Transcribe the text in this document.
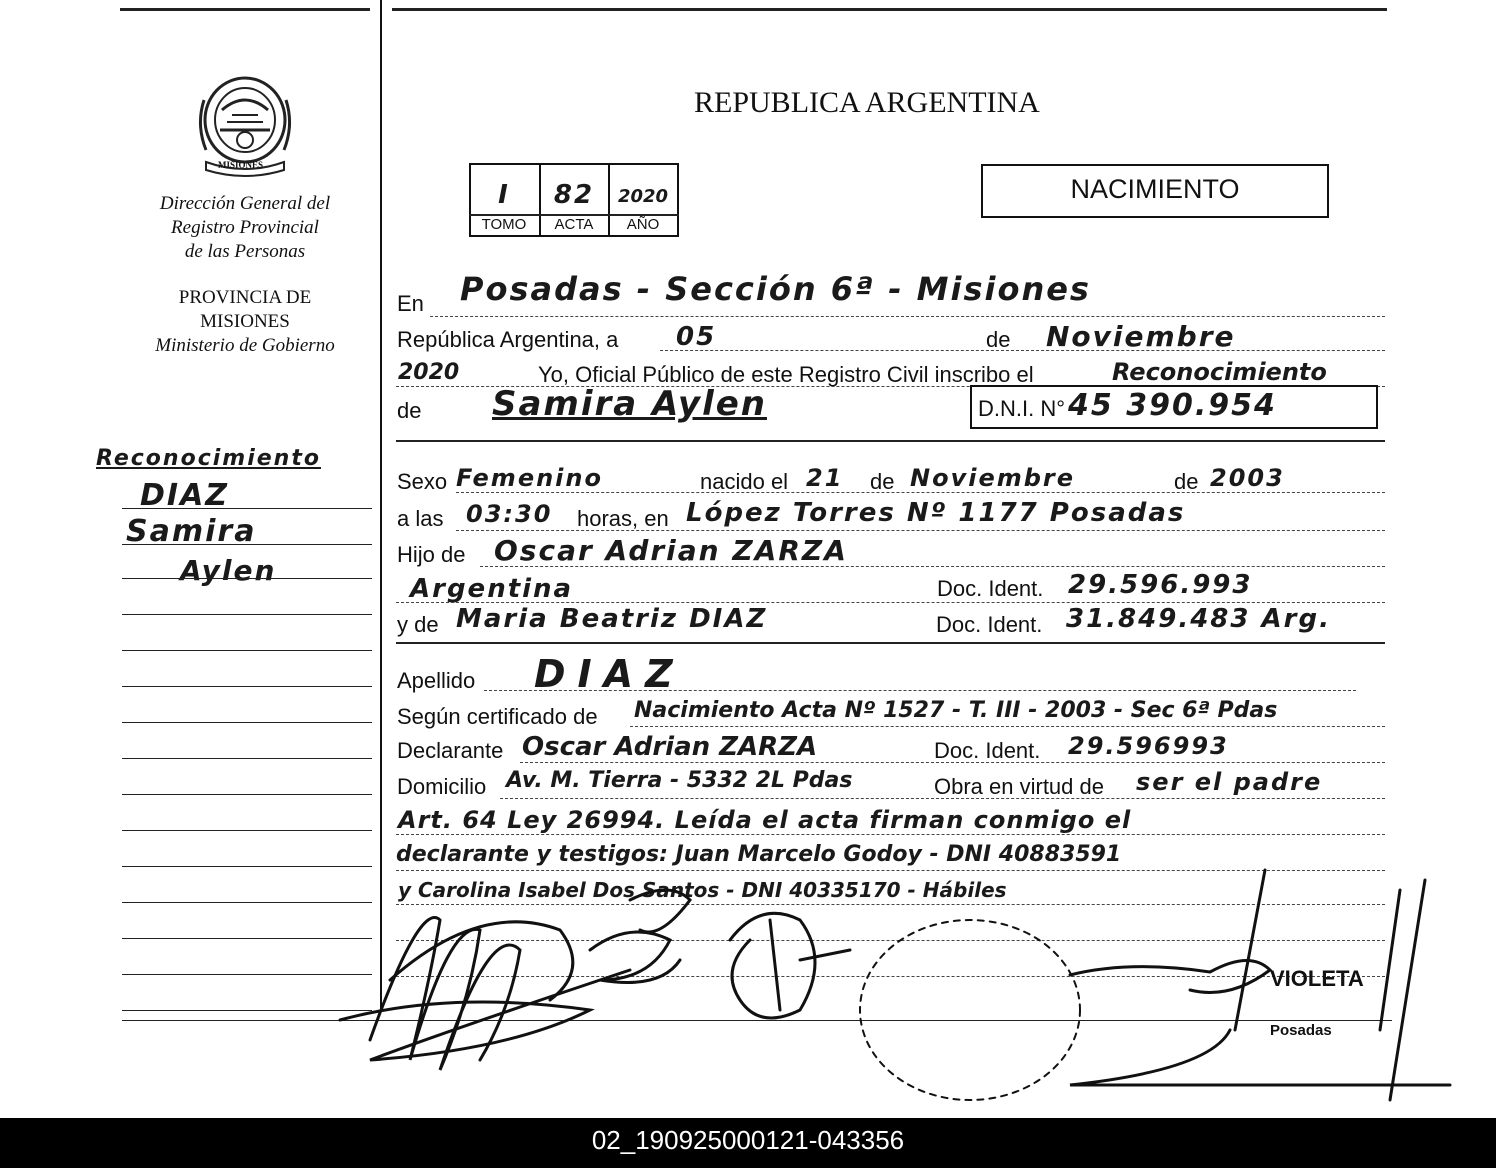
MISIONES
Dirección General del
Registro Provincial
de las Personas
PROVINCIA DE
MISIONES
Ministerio de Gobierno
Reconocimiento
DIAZ
Samira
Aylen
REPUBLICA ARGENTINA
NACIMIENTO
I	82	2020
TOMO	ACTA	AÑO
En Posadas - Sección 6ª - Misiones
República Argentina, a 05	de Noviembre
2020	Yo, Oficial Público de este Registro Civil inscribo el	Reconocimiento
de Samira Aylen	D.N.I. N° 45 390.954
Sexo Femenino	nacido el 21 de Noviembre	de 2003
a las 03:30 horas, en López Torres Nº 1177 Posadas
Hijo de Oscar Adrian ZARZA
Argentina	Doc. Ident. 29.596.993
y de Maria Beatriz DIAZ	Doc. Ident. 31.849.483 Arg.
Apellido DIAZ
Según certificado de Nacimiento Acta Nº 1527 - T. III - 2003 - Sec 6ª Pdas
Declarante Oscar Adrian ZARZA	Doc. Ident. 29.596993
Domicilio Av. M. Tierra - 5332 2L Pdas	Obra en virtud de ser el padre
Art. 64 Ley 26994. Leída el acta firman conmigo el
declarante y testigos: Juan Marcelo Godoy - DNI 40883591
y Carolina Isabel Dos Santos - DNI 40335170 - Hábiles
VIOLETA
Posadas
02_190925000121-043356
